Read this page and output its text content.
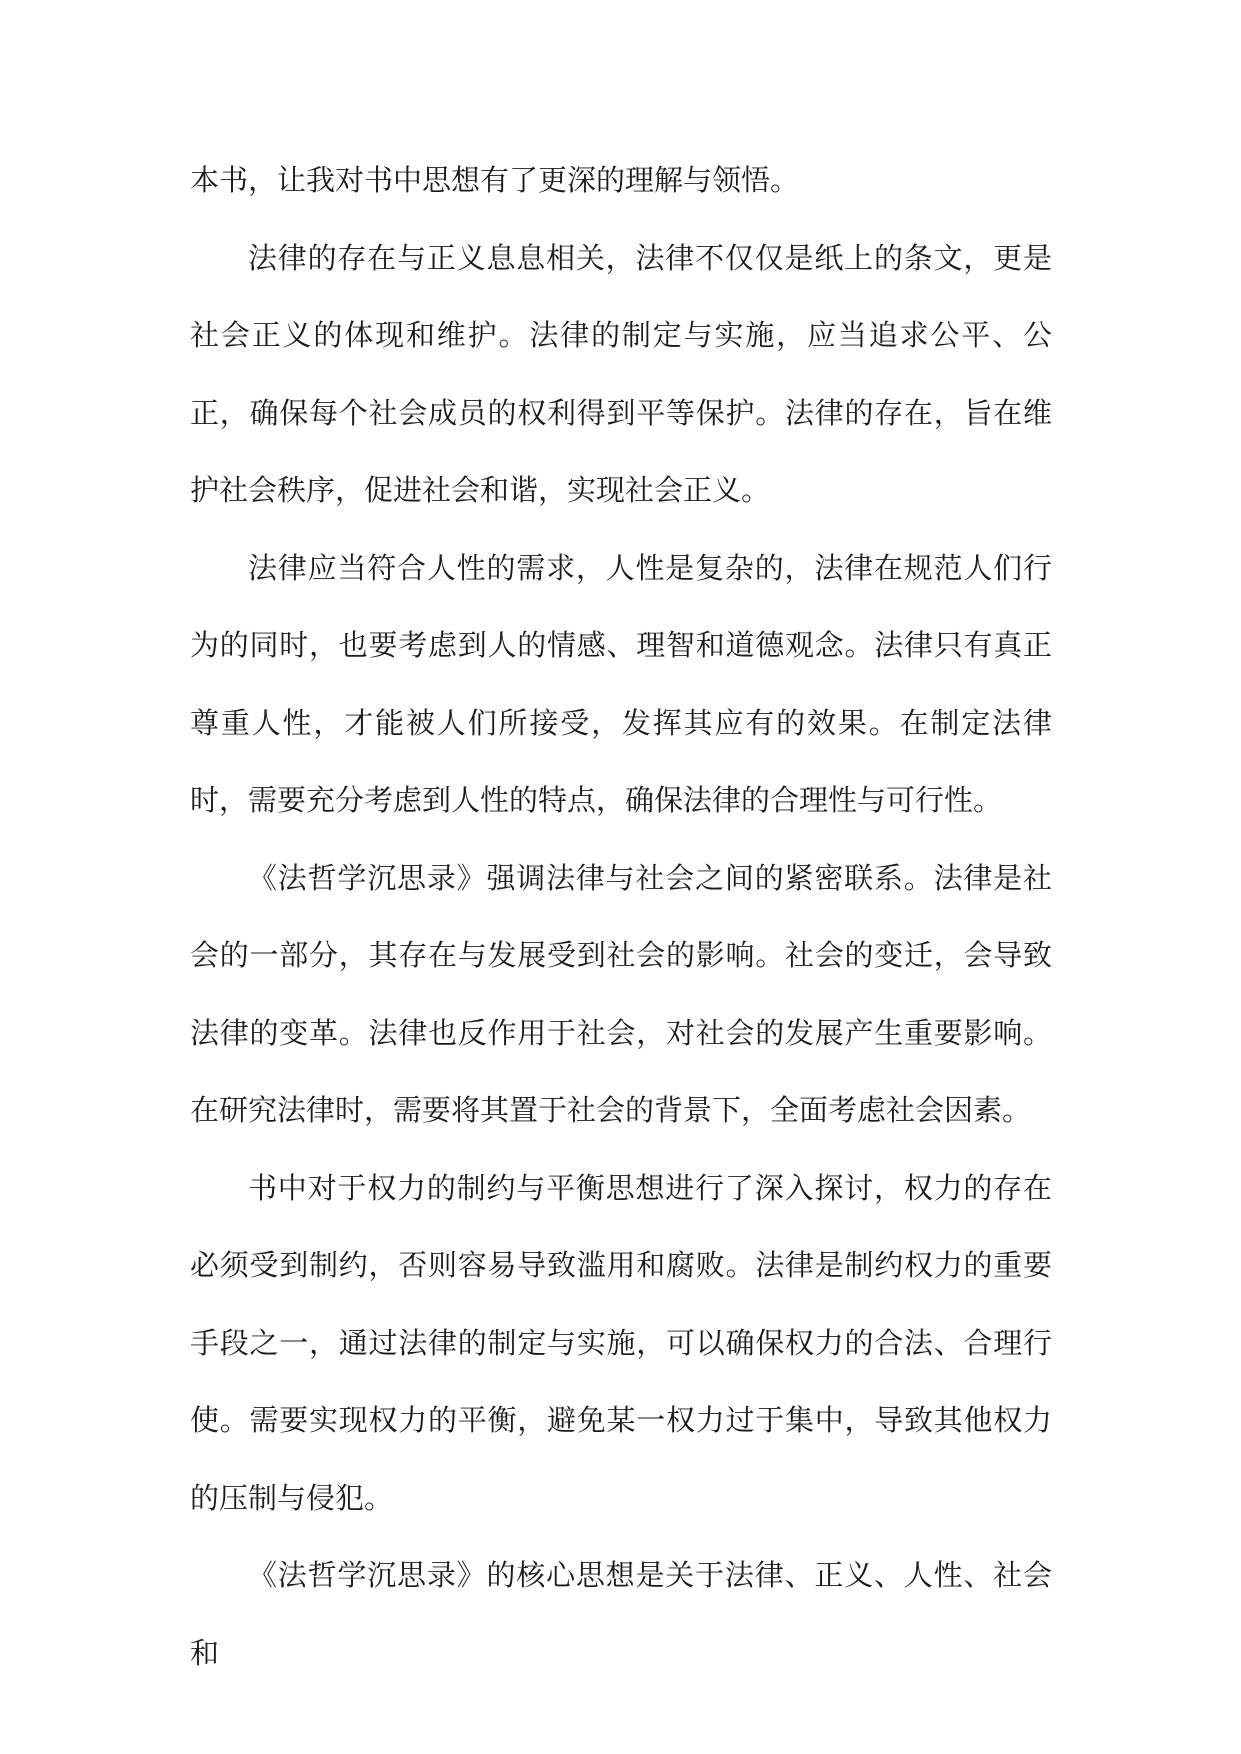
本书，让我对书中思想有了更深的理解与领悟。

法律的存在与正义息息相关，法律不仅仅是纸上的条文，更是社会正义的体现和维护。法律的制定与实施，应当追求公平、公正，确保每个社会成员的权利得到平等保护。法律的存在，旨在维护社会秩序，促进社会和谐，实现社会正义。

法律应当符合人性的需求，人性是复杂的，法律在规范人们行为的同时，也要考虑到人的情感、理智和道德观念。法律只有真正尊重人性，才能被人们所接受，发挥其应有的效果。在制定法律时，需要充分考虑到人性的特点，确保法律的合理性与可行性。

《法哲学沉思录》强调法律与社会之间的紧密联系。法律是社会的一部分，其存在与发展受到社会的影响。社会的变迁，会导致法律的变革。法律也反作用于社会，对社会的发展产生重要影响。在研究法律时，需要将其置于社会的背景下，全面考虑社会因素。

书中对于权力的制约与平衡思想进行了深入探讨，权力的存在必须受到制约，否则容易导致滥用和腐败。法律是制约权力的重要手段之一，通过法律的制定与实施，可以确保权力的合法、合理行使。需要实现权力的平衡，避免某一权力过于集中，导致其他权力的压制与侵犯。

《法哲学沉思录》的核心思想是关于法律、正义、人性、社会和
